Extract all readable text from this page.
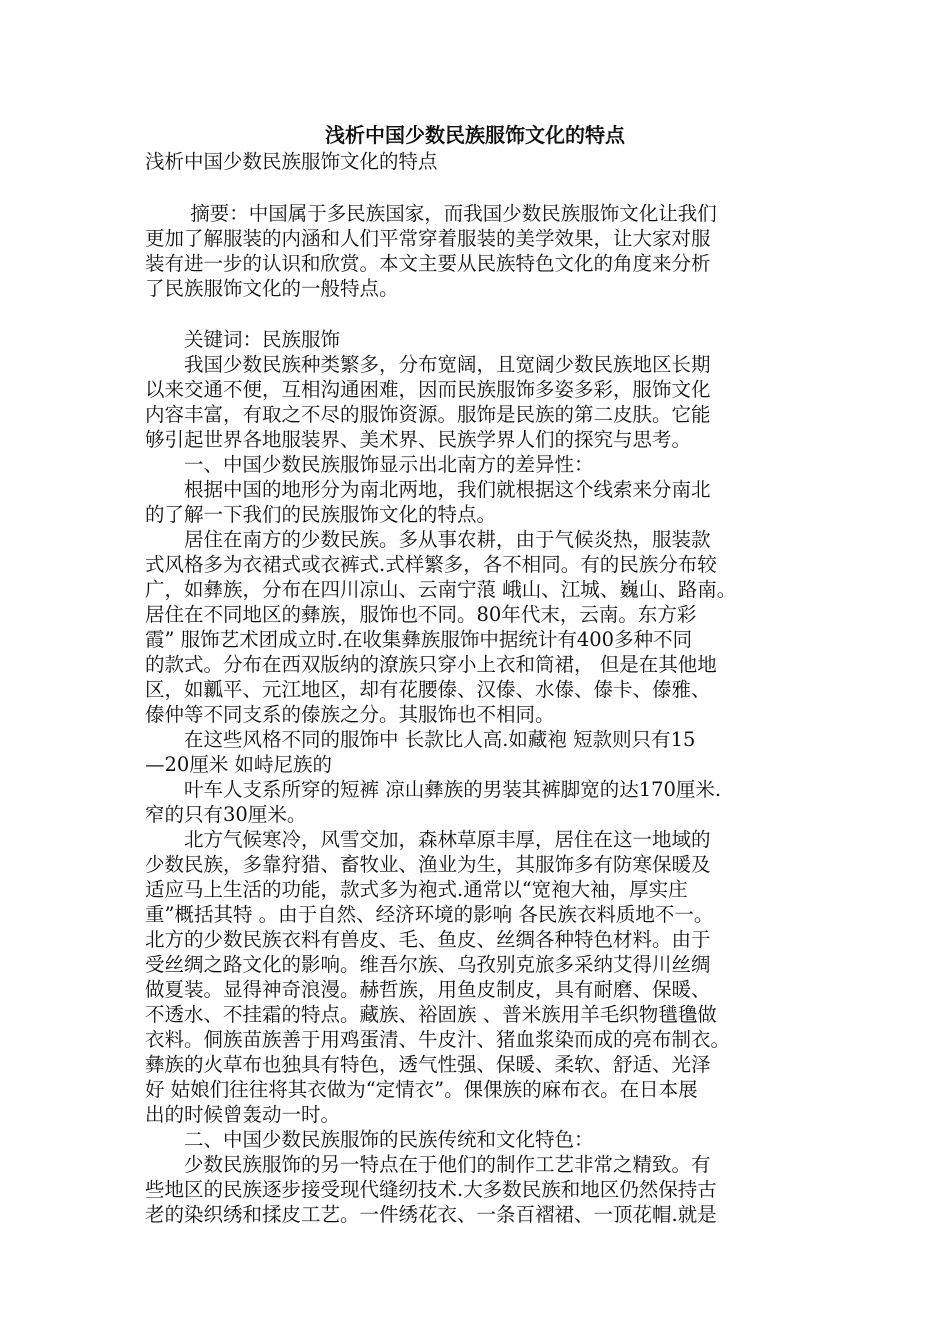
浅析中国少数民族服饰文化的特点
浅析中国少数民族服饰文化的特点
　　 摘要：中国属于多民族国家，而我国少数民族服饰文化让我们
更加了解服装的内涵和人们平常穿着服装的美学效果，让大家对服
装有进一步的认识和欣赏。本文主要从民族特色文化的角度来分析
了民族服饰文化的一般特点。
　　关键词：民族服饰
　　我国少数民族种类繁多，分布宽阔，且宽阔少数民族地区长期
以来交通不便，互相沟通困难，因而民族服饰多姿多彩，服饰文化
内容丰富，有取之不尽的服饰资源。服饰是民族的第二皮肤。它能
够引起世界各地服装界、美术界、民族学界人们的探究与思考。
　　一、中国少数民族服饰显示出北南方的差异性：
　　根据中国的地形分为南北两地，我们就根据这个线索来分南北
的了解一下我们的民族服饰文化的特点。
　　居住在南方的少数民族。多从事农耕，由于气候炎热，服装款
式风格多为衣裙式或衣裤式.式样繁多，各不相同。有的民族分布较
广，如彝族，分布在四川凉山、云南宁蒗 峨山、江城、巍山、路南。
居住在不同地区的彝族，服饰也不同。80年代末，云南。东方彩
霞” 服饰艺术团成立时.在收集彝族服饰中据统计有400多种不同
的款式。分布在西双版纳的潦族只穿小上衣和筒裙， 但是在其他地
区，如瓤平、元江地区，却有花腰傣、汉傣、水傣、傣卡、傣雅、
傣仲等不同支系的傣族之分。其服饰也不相同。
　　在这些风格不同的服饰中 长款比人高.如藏袍 短款则只有15
—20厘米 如峙尼族的
　　叶车人支系所穿的短裤 凉山彝族的男装其裤脚宽的达170厘米.
窄的只有30厘米。
　　北方气候寒冷，风雪交加，森林草原丰厚，居住在这一地域的
少数民族，多靠狩猎、畜牧业、渔业为生，其服饰多有防寒保暖及
适应马上生活的功能，款式多为袍式.通常以“宽袍大袖，厚实庄
重”概括其特 。由于自然、经济环境的影响 各民族衣料质地不一。
北方的少数民族衣料有兽皮、毛、鱼皮、丝绸各种特色材料。由于
受丝绸之路文化的影响。维吾尔族、乌孜别克旅多采纳艾得川丝绸
做夏装。显得神奇浪漫。赫哲族，用鱼皮制皮，具有耐磨、保暖、
不透水、不挂霜的特点。藏族、裕固族 、普米族用羊毛织物氆氇做
衣料。侗族苗族善于用鸡蛋清、牛皮汁、猪血浆染而成的亮布制衣。
彝族的火草布也独具有特色，透气性强、保暖、柔软、舒适、光泽
好 姑娘们往往将其衣做为“定情衣”。倮倮族的麻布衣。在日本展
出的时候曾轰动一时。
　　二、中国少数民族服饰的民族传统和文化特色：
　　少数民族服饰的另一特点在于他们的制作工艺非常之精致。有
些地区的民族逐步接受现代缝纫技术.大多数民族和地区仍然保持古
老的染织绣和揉皮工艺。一件绣花衣、一条百褶裙、一顶花帽.就是
